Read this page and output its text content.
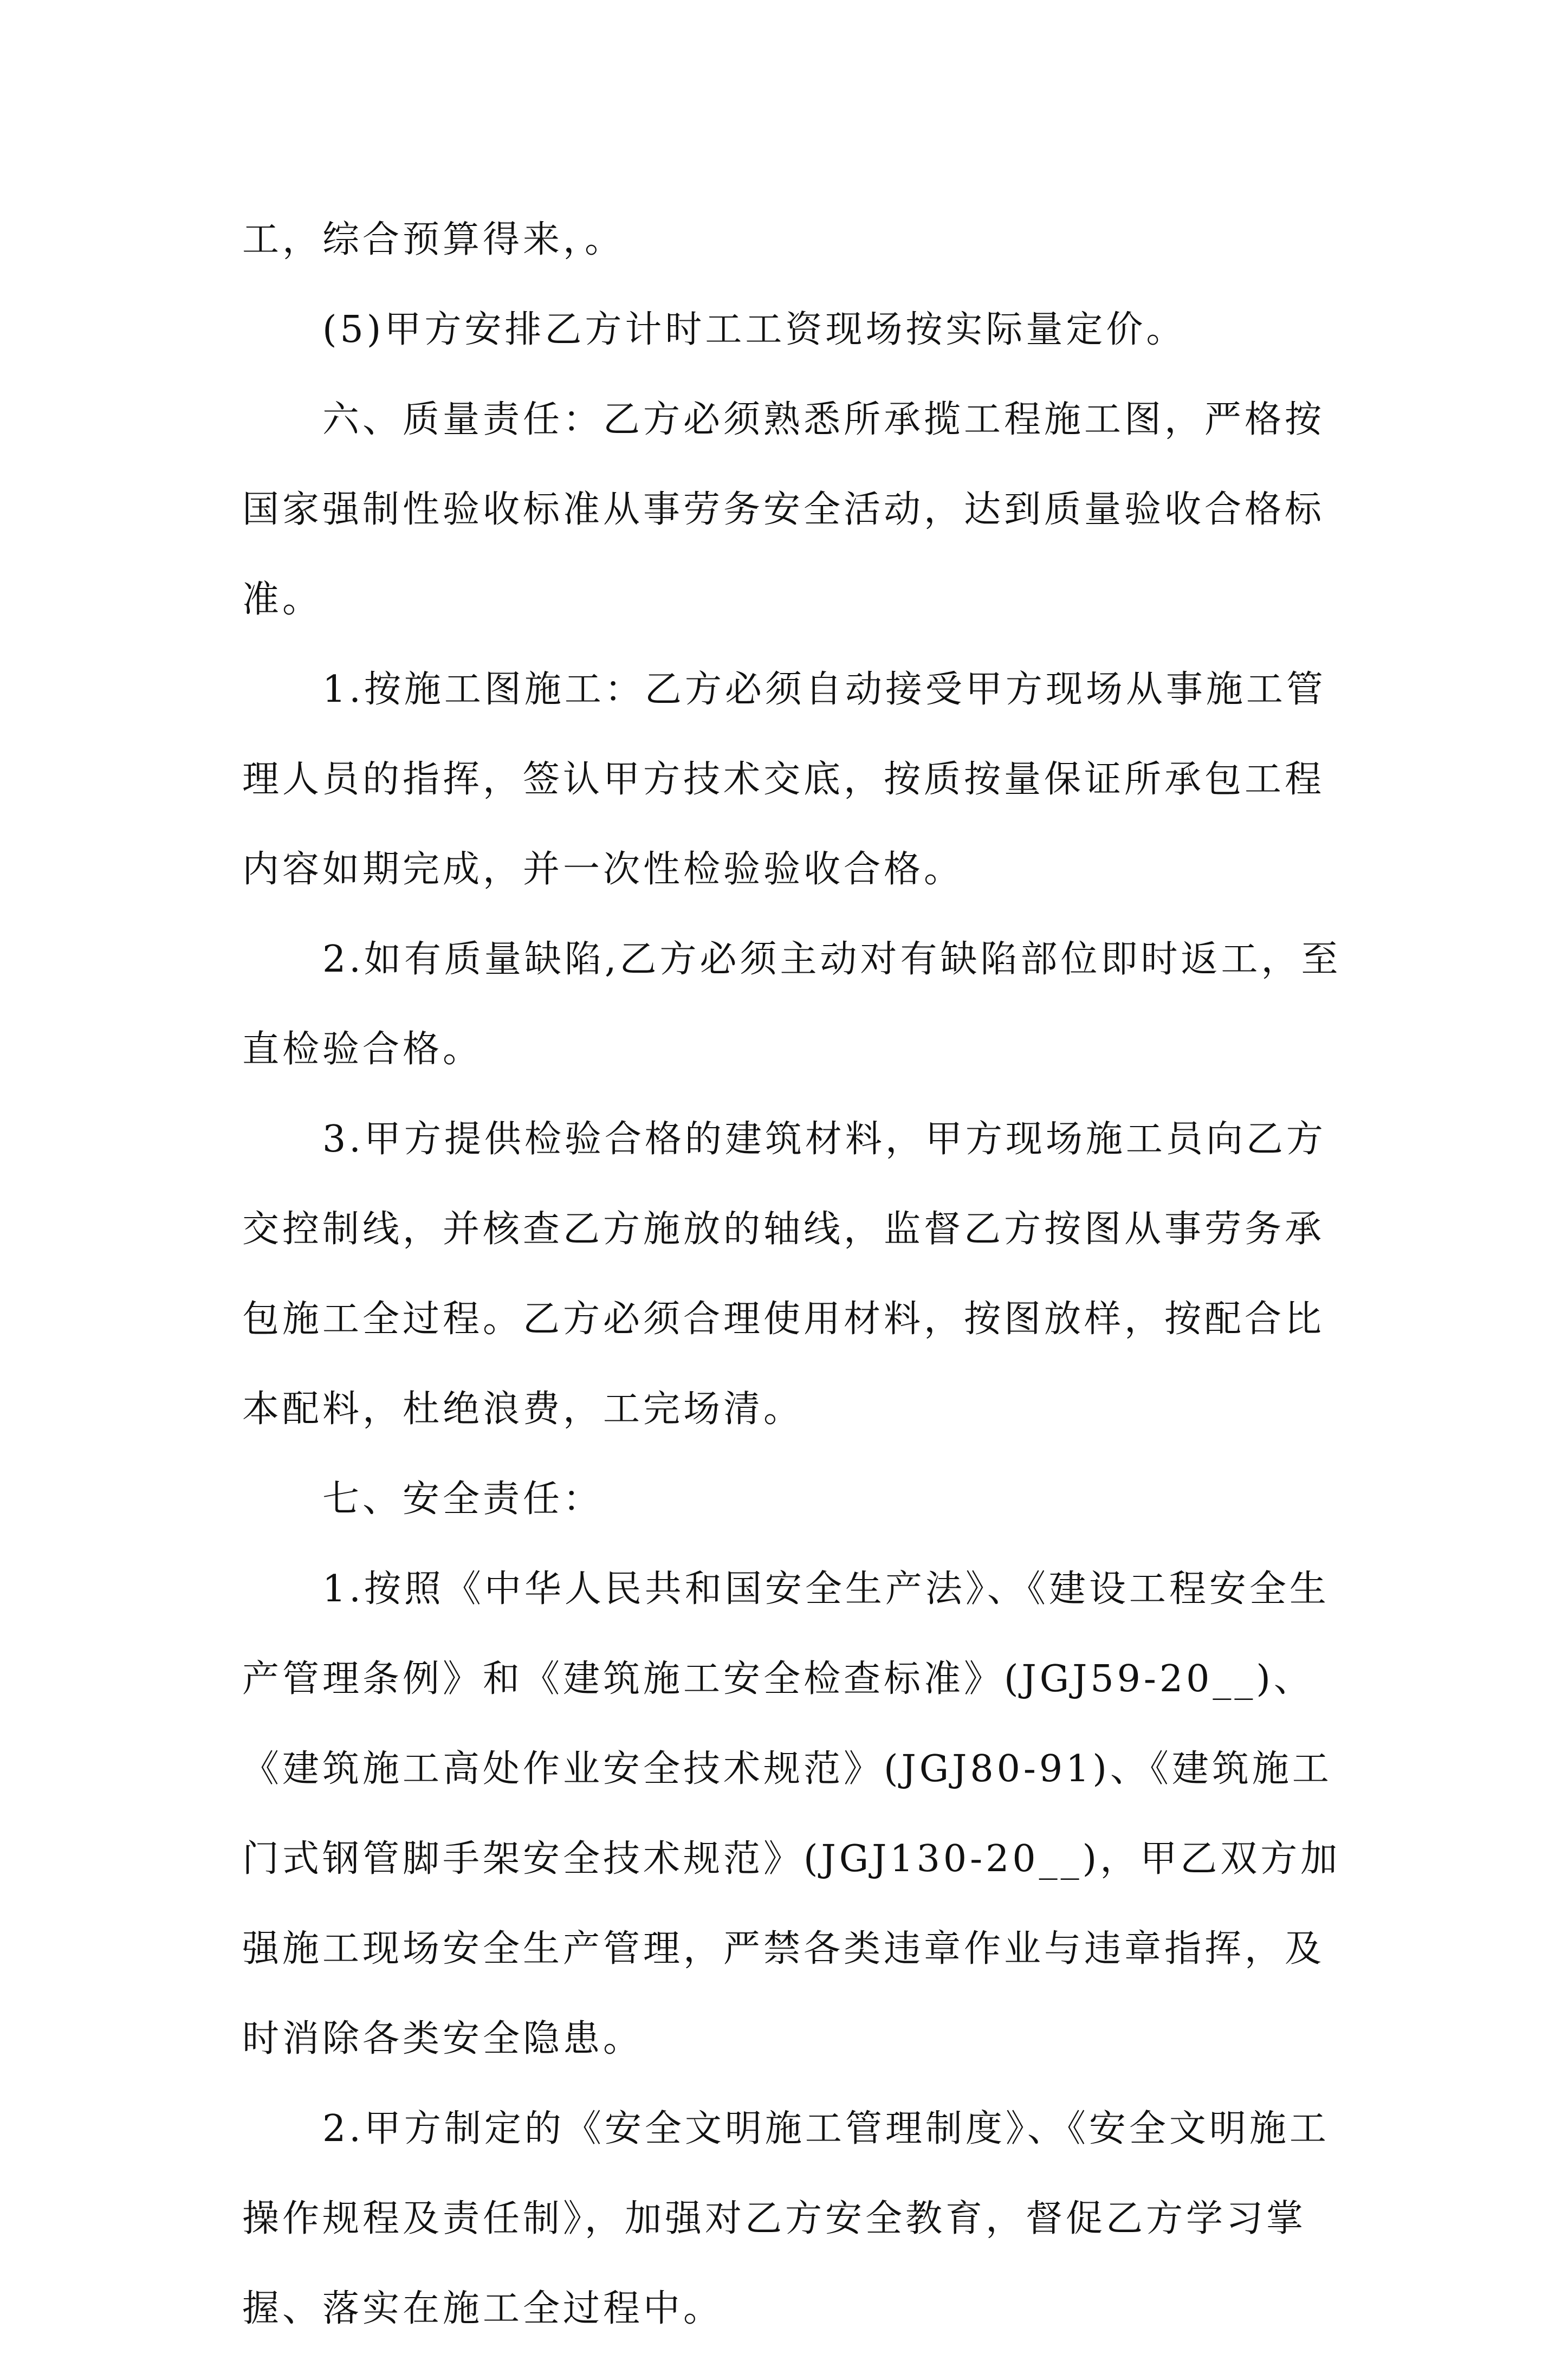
工，综合预算得来，。

(5)甲方安排乙方计时工工资现场按实际量定价。

六、质量责任：乙方必须熟悉所承揽工程施工图，严格按国家强制性验收标准从事劳务安全活动，达到质量验收合格标准。

1.按施工图施工：乙方必须自动接受甲方现场从事施工管理人员的指挥，签认甲方技术交底，按质按量保证所承包工程内容如期完成，并一次性检验验收合格。

2.如有质量缺陷,乙方必须主动对有缺陷部位即时返工，至直检验合格。

3.甲方提供检验合格的建筑材料，甲方现场施工员向乙方交控制线，并核查乙方施放的轴线，监督乙方按图从事劳务承包施工全过程。乙方必须合理使用材料，按图放样，按配合比本配料，杜绝浪费，工完场清。

七、安全责任：

1.按照《中华人民共和国安全生产法》、《建设工程安全生产管理条例》和《建筑施工安全检查标准》(JGJ59-20__)、《建筑施工高处作业安全技术规范》(JGJ80-91)、《建筑施工门式钢管脚手架安全技术规范》(JGJ130-20__)，甲乙双方加强施工现场安全生产管理，严禁各类违章作业与违章指挥，及时消除各类安全隐患。

2.甲方制定的《安全文明施工管理制度》、《安全文明施工操作规程及责任制》，加强对乙方安全教育，督促乙方学习掌握、落实在施工全过程中。
